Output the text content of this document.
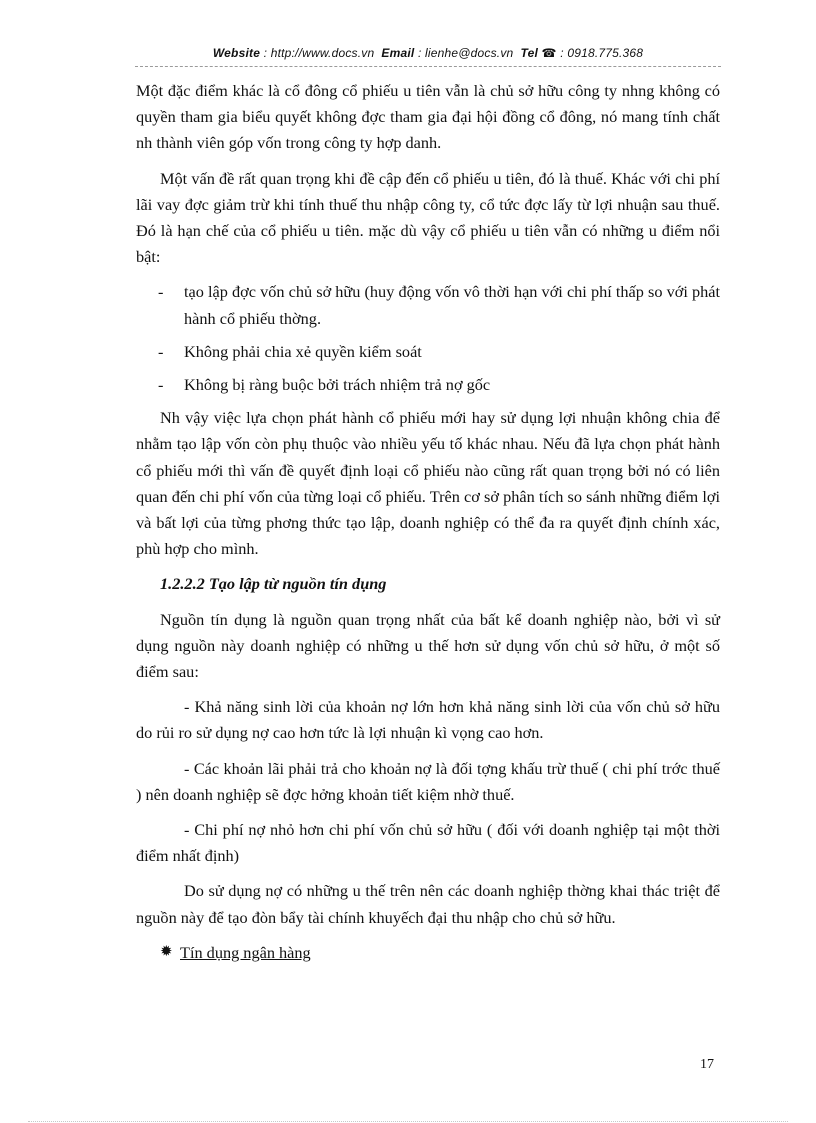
Website : http://www.docs.vn Email : lienhe@docs.vn Tel ☎ : 0918.775.368
Một đặc điểm khác là cổ đông cổ phiếu u tiên vẫn là chủ sở hữu công ty nhng không có quyền tham gia biểu quyết không đợc tham gia đại hội đồng cổ đông, nó mang tính chất nh thành viên góp vốn trong công ty hợp danh.
Một vấn đề rất quan trọng khi đề cập đến cổ phiếu u tiên, đó là thuế. Khác với chi phí lãi vay đợc giảm trừ khi tính thuế thu nhập công ty, cổ tức đợc lấy từ lợi nhuận sau thuế. Đó là hạn chế của cổ phiếu u tiên. mặc dù vậy cổ phiếu u tiên vẫn có những u điểm nổi bật:
-	tạo lập đợc vốn chủ sở hữu (huy động vốn vô thời hạn với chi phí thấp so với phát hành cổ phiếu thờng.
-	Không phải chia xẻ quyền kiểm soát
-	Không bị ràng buộc bởi trách nhiệm trả nợ gốc
Nh vậy việc lựa chọn phát hành cổ phiếu mới hay sử dụng lợi nhuận không chia để nhằm tạo lập vốn còn phụ thuộc vào nhiều yếu tố khác nhau. Nếu đã lựa chọn phát hành cổ phiếu mới thì vấn đề quyết định loại cổ phiếu nào cũng rất quan trọng bởi nó có liên quan đến chi phí vốn của từng loại cổ phiếu. Trên cơ sở phân tích so sánh những điểm lợi và bất lợi của từng phơng thức tạo lập, doanh nghiệp có thể đa ra quyết định chính xác, phù hợp cho mình.
1.2.2.2 Tạo lập từ nguồn tín dụng
Nguồn tín dụng là nguồn quan trọng nhất của bất kể doanh nghiệp nào, bởi vì sử dụng nguồn này doanh nghiệp có những u thế hơn sử dụng vốn chủ sở hữu, ở một số điểm sau:
- Khả năng sinh lời của khoản nợ lớn hơn khả năng sinh lời của vốn chủ sở hữu do rủi ro sử dụng nợ cao hơn tức là lợi nhuận kì vọng cao hơn.
- Các khoản lãi phải trả cho khoản nợ là đối tợng khấu trừ thuế ( chi phí trớc thuế ) nên doanh nghiệp sẽ đợc hởng khoản tiết kiệm nhờ thuế.
- Chi phí nợ nhỏ hơn chi phí vốn chủ sở hữu ( đối với doanh nghiệp tại một thời điểm nhất định)
Do sử dụng nợ có những u thế trên nên các doanh nghiệp thờng khai thác triệt để nguồn này để tạo đòn bẩy tài chính khuyếch đại thu nhập cho chủ sở hữu.
✹ Tín dụng ngân hàng
17
